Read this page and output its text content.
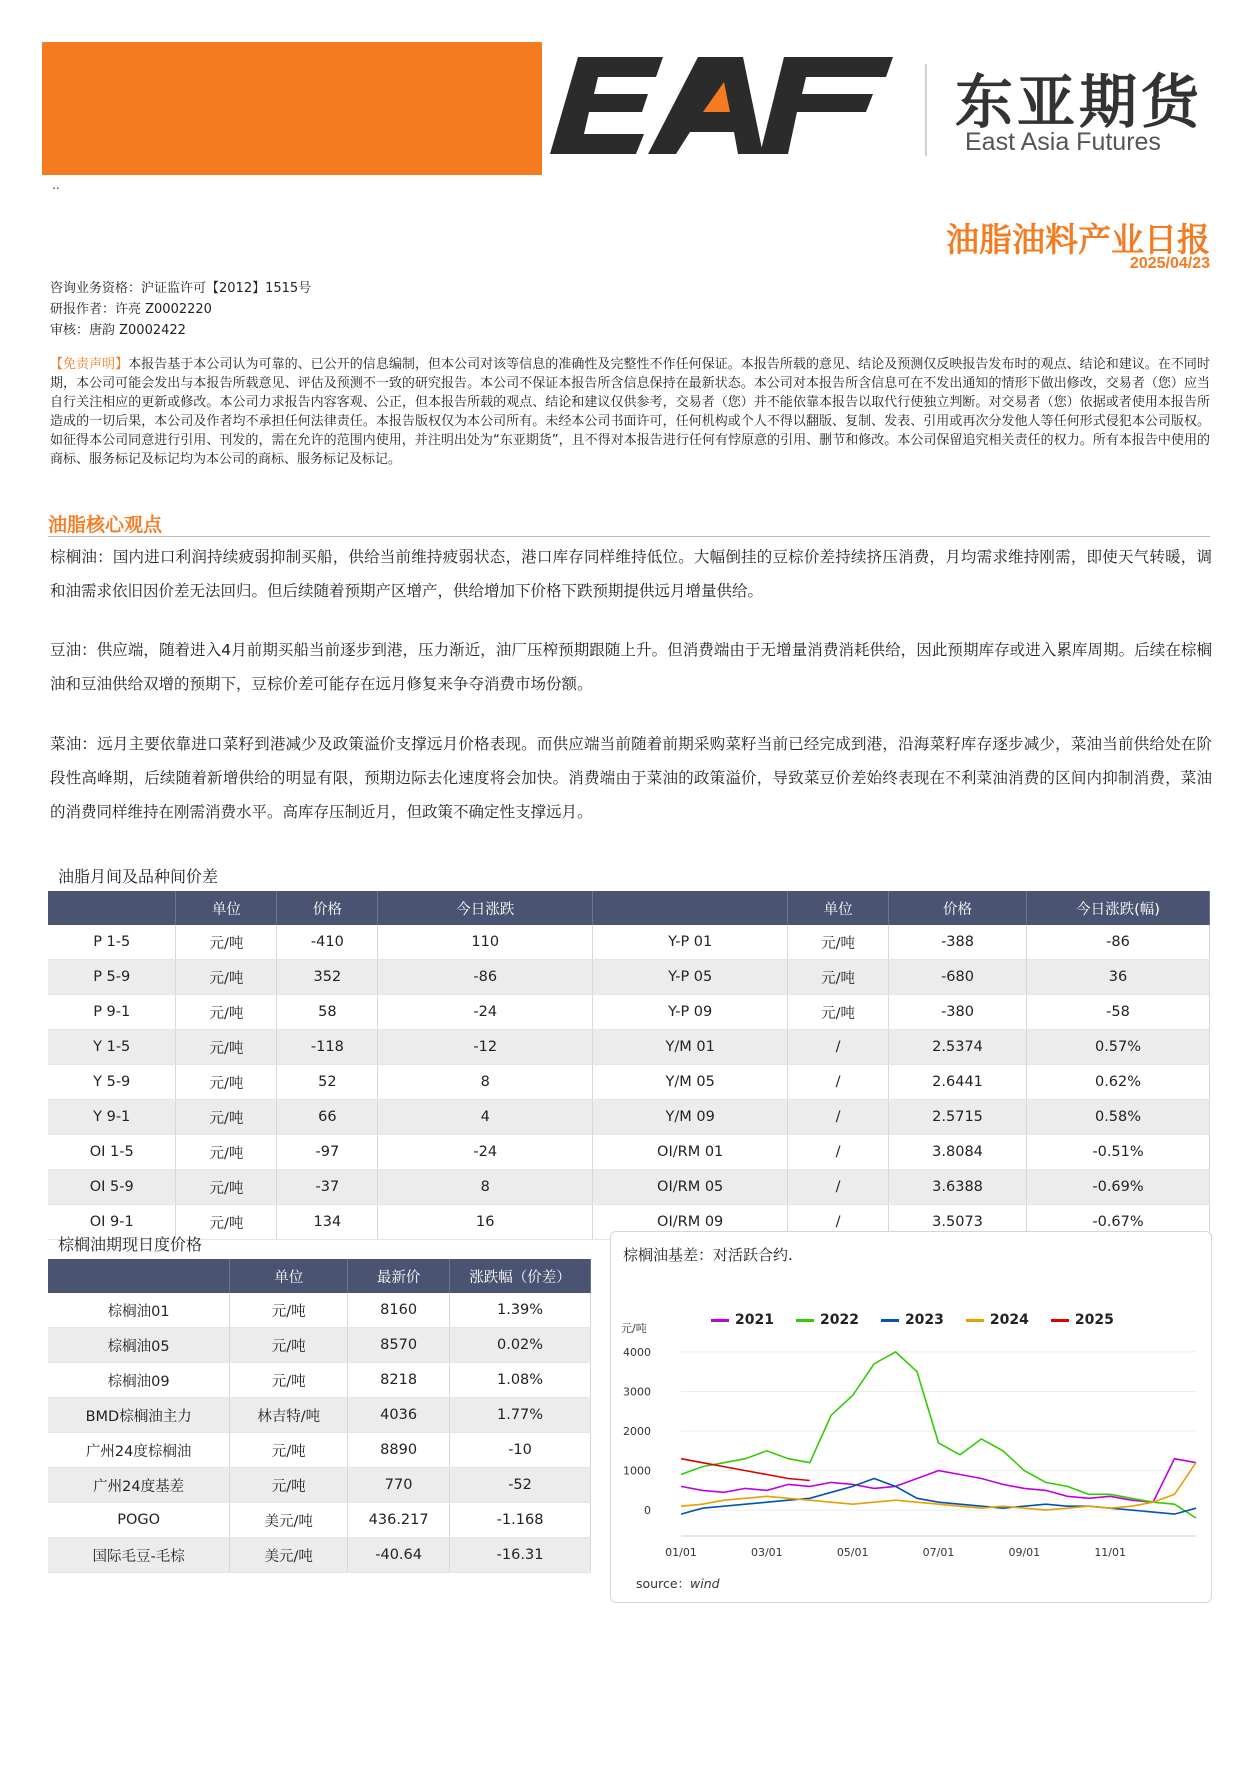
东亚期货
East Asia Futures
..
油脂油料产业日报
2025/04/23
咨询业务资格：沪证监许可【2012】1515号
研报作者：许亮 Z0002220
审核：唐韵 Z0002422
【免责声明】本报告基于本公司认为可靠的、已公开的信息编制，但本公司对该等信息的准确性及完整性不作任何保证。本报告所载的意见、结论及预测仅反映报告发布时的观点、结论和建议。在不同时期，本公司可能会发出与本报告所载意见、评估及预测不一致的研究报告。本公司不保证本报告所含信息保持在最新状态。本公司对本报告所含信息可在不发出通知的情形下做出修改，交易者（您）应当自行关注相应的更新或修改。本公司力求报告内容客观、公正，但本报告所载的观点、结论和建议仅供参考，交易者（您）并不能依靠本报告以取代行使独立判断。对交易者（您）依据或者使用本报告所造成的一切后果，本公司及作者均不承担任何法律责任。本报告版权仅为本公司所有。未经本公司书面许可，任何机构或个人不得以翻版、复制、发表、引用或再次分发他人等任何形式侵犯本公司版权。如征得本公司同意进行引用、刊发的，需在允许的范围内使用，并注明出处为“东亚期货”，且不得对本报告进行任何有悖原意的引用、删节和修改。本公司保留追究相关责任的权力。所有本报告中使用的商标、服务标记及标记均为本公司的商标、服务标记及标记。
油脂核心观点
棕榈油：国内进口利润持续疲弱抑制买船，供给当前维持疲弱状态，港口库存同样维持低位。大幅倒挂的豆棕价差持续挤压消费，月均需求维持刚需，即使天气转暖，调和油需求依旧因价差无法回归。但后续随着预期产区增产，供给增加下价格下跌预期提供远月增量供给。
豆油：供应端，随着进入4月前期买船当前逐步到港，压力渐近，油厂压榨预期跟随上升。但消费端由于无增量消费消耗供给，因此预期库存或进入累库周期。后续在棕榈油和豆油供给双增的预期下，豆棕价差可能存在远月修复来争夺消费市场份额。
菜油：远月主要依靠进口菜籽到港减少及政策溢价支撑远月价格表现。而供应端当前随着前期采购菜籽当前已经完成到港，沿海菜籽库存逐步减少，菜油当前供给处在阶段性高峰期，后续随着新增供给的明显有限，预期边际去化速度将会加快。消费端由于菜油的政策溢价，导致菜豆价差始终表现在不利菜油消费的区间内抑制消费，菜油的消费同样维持在刚需消费水平。高库存压制近月，但政策不确定性支撑远月。
油脂月间及品种间价差
	单位	价格	今日涨跌		单位	价格	今日涨跌(幅)
P 1-5	元/吨	-410	110	Y-P 01	元/吨	-388	-86
P 5-9	元/吨	352	-86	Y-P 05	元/吨	-680	36
P 9-1	元/吨	58	-24	Y-P 09	元/吨	-380	-58
Y 1-5	元/吨	-118	-12	Y/M 01	/	2.5374	0.57%
Y 5-9	元/吨	52	8	Y/M 05	/	2.6441	0.62%
Y 9-1	元/吨	66	4	Y/M 09	/	2.5715	0.58%
OI 1-5	元/吨	-97	-24	OI/RM 01	/	3.8084	-0.51%
OI 5-9	元/吨	-37	8	OI/RM 05	/	3.6388	-0.69%
OI 9-1	元/吨	134	16	OI/RM 09	/	3.5073	-0.67%
棕榈油期现日度价格
	单位	最新价	涨跌幅（价差）
棕榈油01	元/吨	8160	1.39%
棕榈油05	元/吨	8570	0.02%
棕榈油09	元/吨	8218	1.08%
BMD棕榈油主力	林吉特/吨	4036	1.77%
广州24度棕榈油	元/吨	8890	-10
广州24度基差	元/吨	770	-52
POGO	美元/吨	436.217	-1.168
国际毛豆-毛棕	美元/吨	-40.64	-16.31
棕榈油基差：对活跃合约.
2021	2022	2023	2024	2025
元/吨
0
1000
2000
3000
4000
01/01	03/01	05/01	07/01	09/01	11/01
source：wind
